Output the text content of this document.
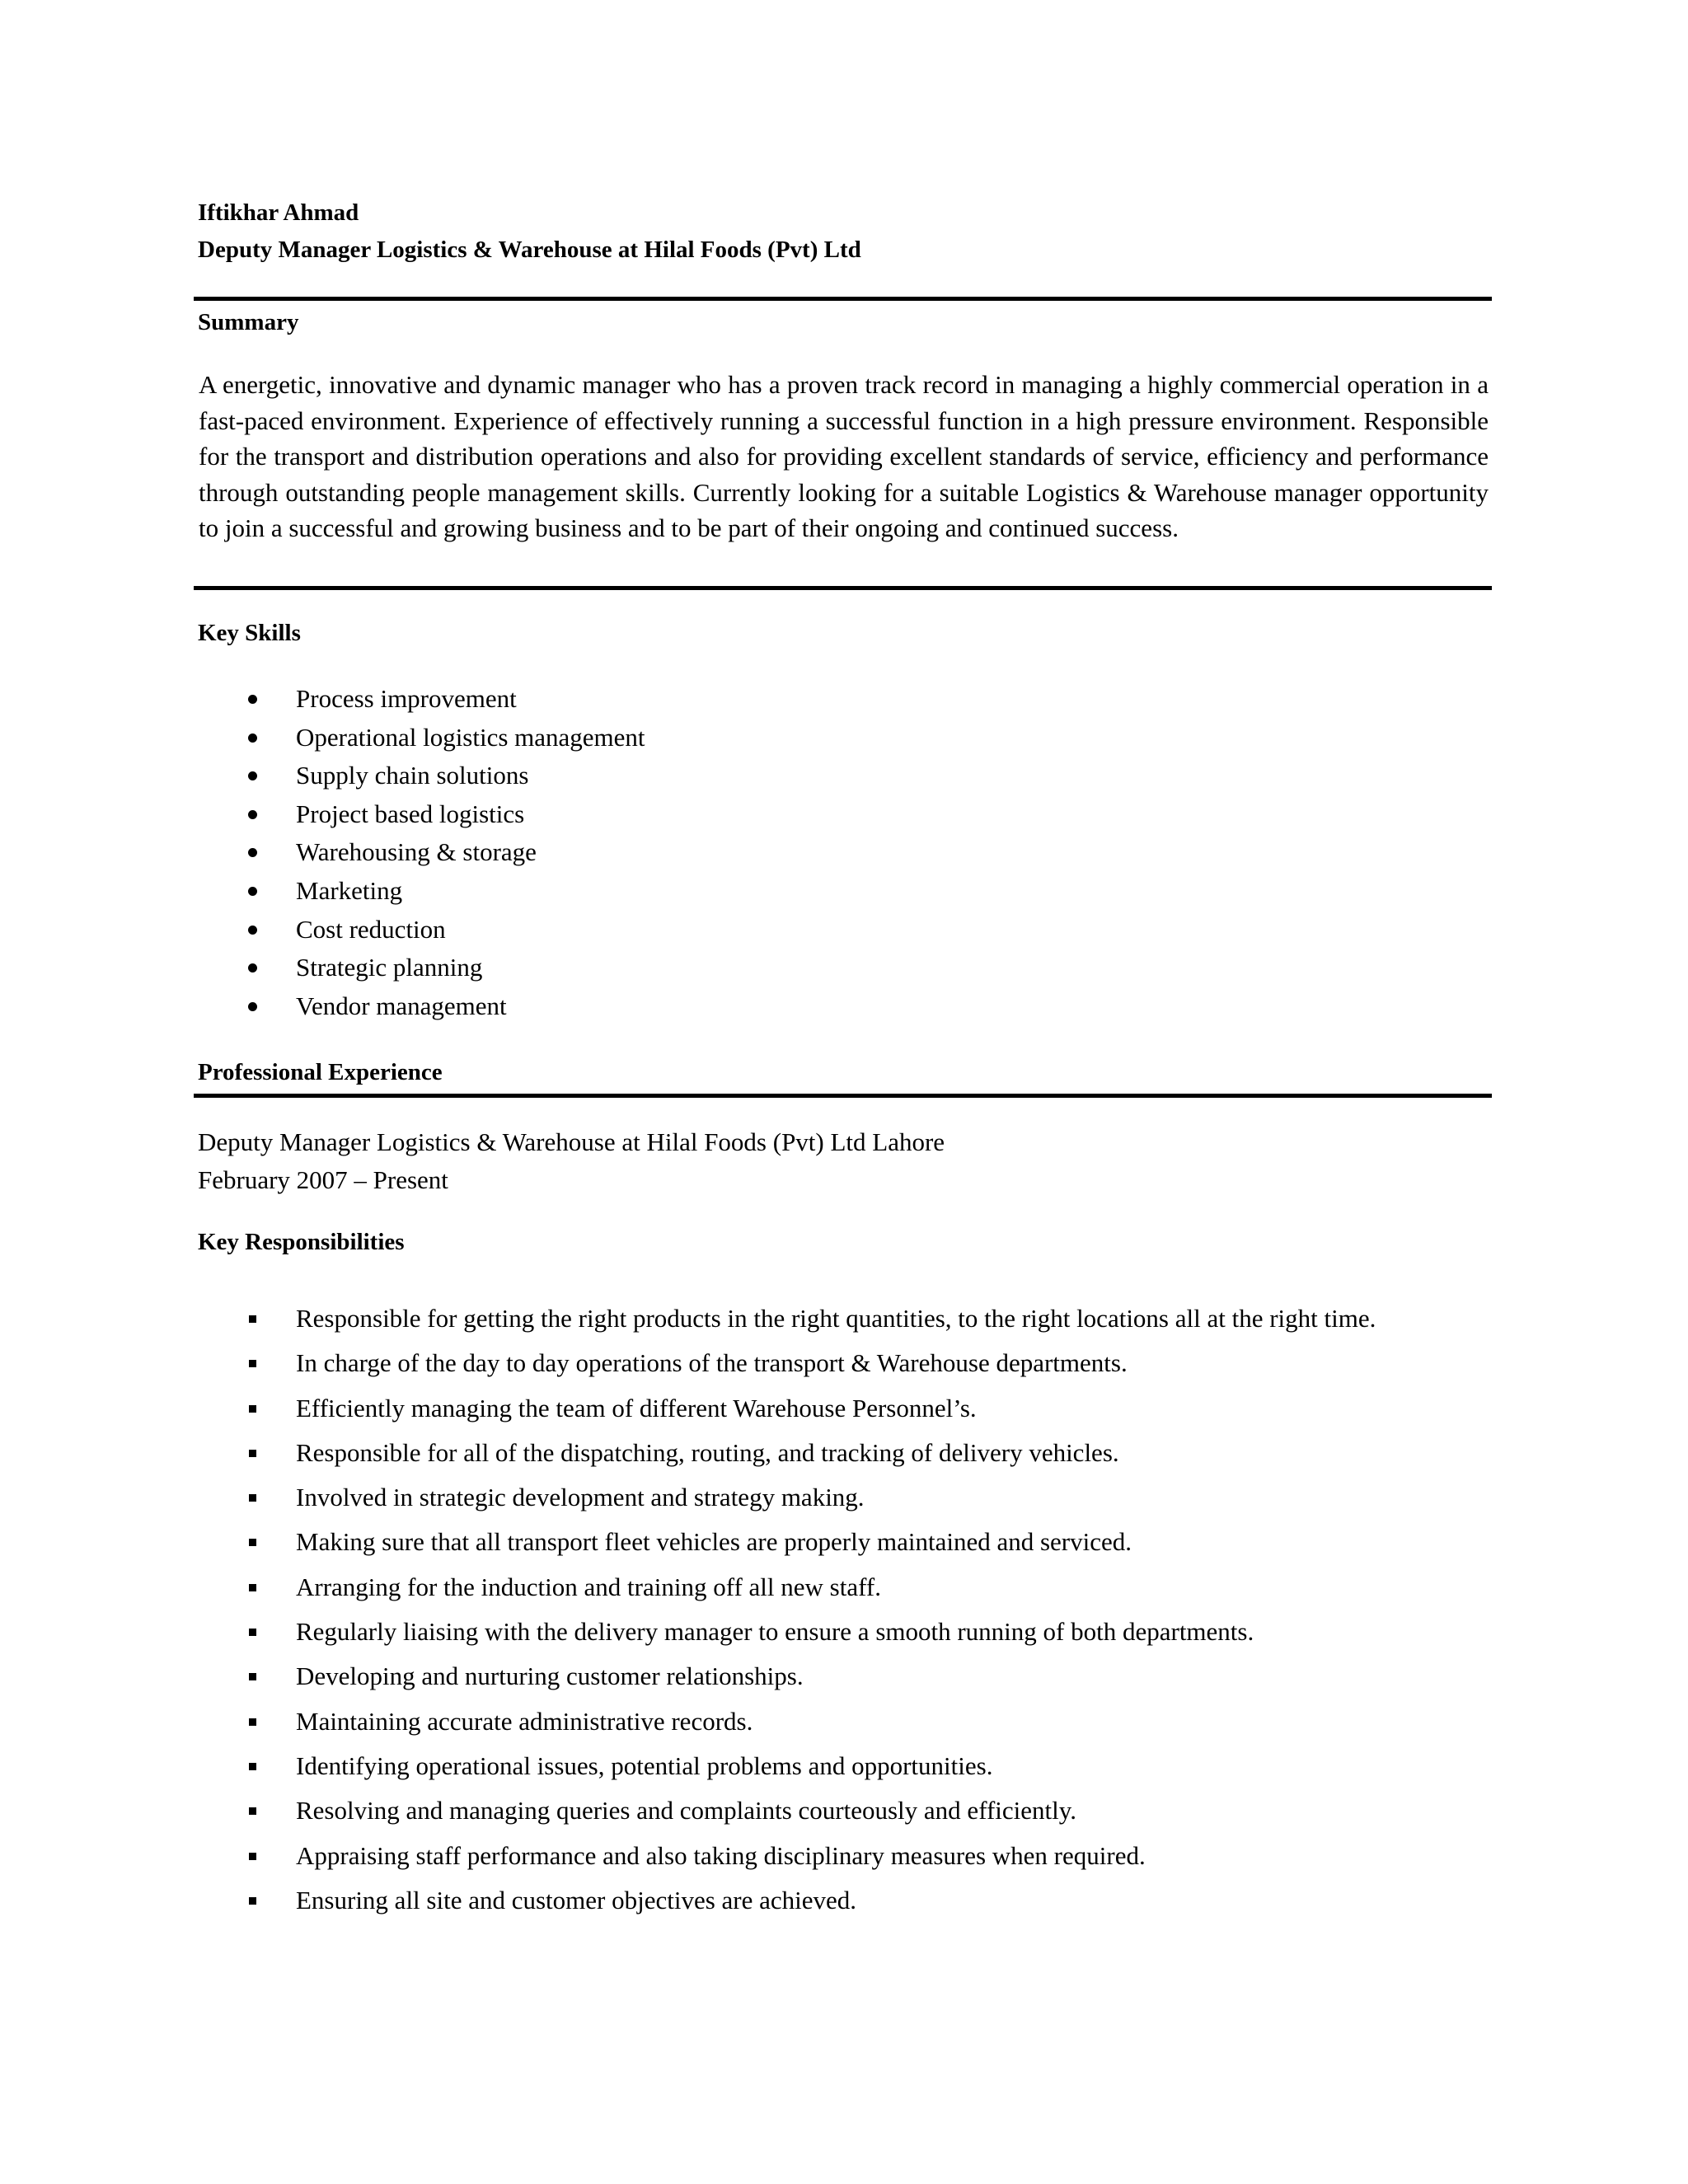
Iftikhar Ahmad
Deputy Manager Logistics & Warehouse at Hilal Foods (Pvt) Ltd
Summary

A energetic, innovative and dynamic manager who has a proven track record in managing a highly commercial operation in a fast-paced environment. Experience of effectively running a successful function in a high pressure environment. Responsible for the transport and distribution operations and also for providing excellent standards of service, efficiency and performance through outstanding people management skills. Currently looking for a suitable Logistics & Warehouse manager opportunity to join a successful and growing business and to be part of their ongoing and continued success.

Key Skills
Process improvement
Operational logistics management
Supply chain solutions
Project based logistics
Warehousing & storage
Marketing
Cost reduction
Strategic planning
Vendor management
Professional Experience
Deputy Manager Logistics & Warehouse at Hilal Foods (Pvt) Ltd Lahore
February 2007 – Present
Key Responsibilities
Responsible for getting the right products in the right quantities, to the right locations all at the right time.
In charge of the day to day operations of the transport & Warehouse departments.
Efficiently managing the team of different Warehouse Personnel’s.
Responsible for all of the dispatching, routing, and tracking of delivery vehicles.
Involved in strategic development and strategy making.
Making sure that all transport fleet vehicles are properly maintained and serviced.
Arranging for the induction and training off all new staff.
Regularly liaising with the delivery manager to ensure a smooth running of both departments.
Developing and nurturing customer relationships.
Maintaining accurate administrative records.
Identifying operational issues, potential problems and opportunities.
Resolving and managing queries and complaints courteously and efficiently.
Appraising staff performance and also taking disciplinary measures when required.
Ensuring all site and customer objectives are achieved.
